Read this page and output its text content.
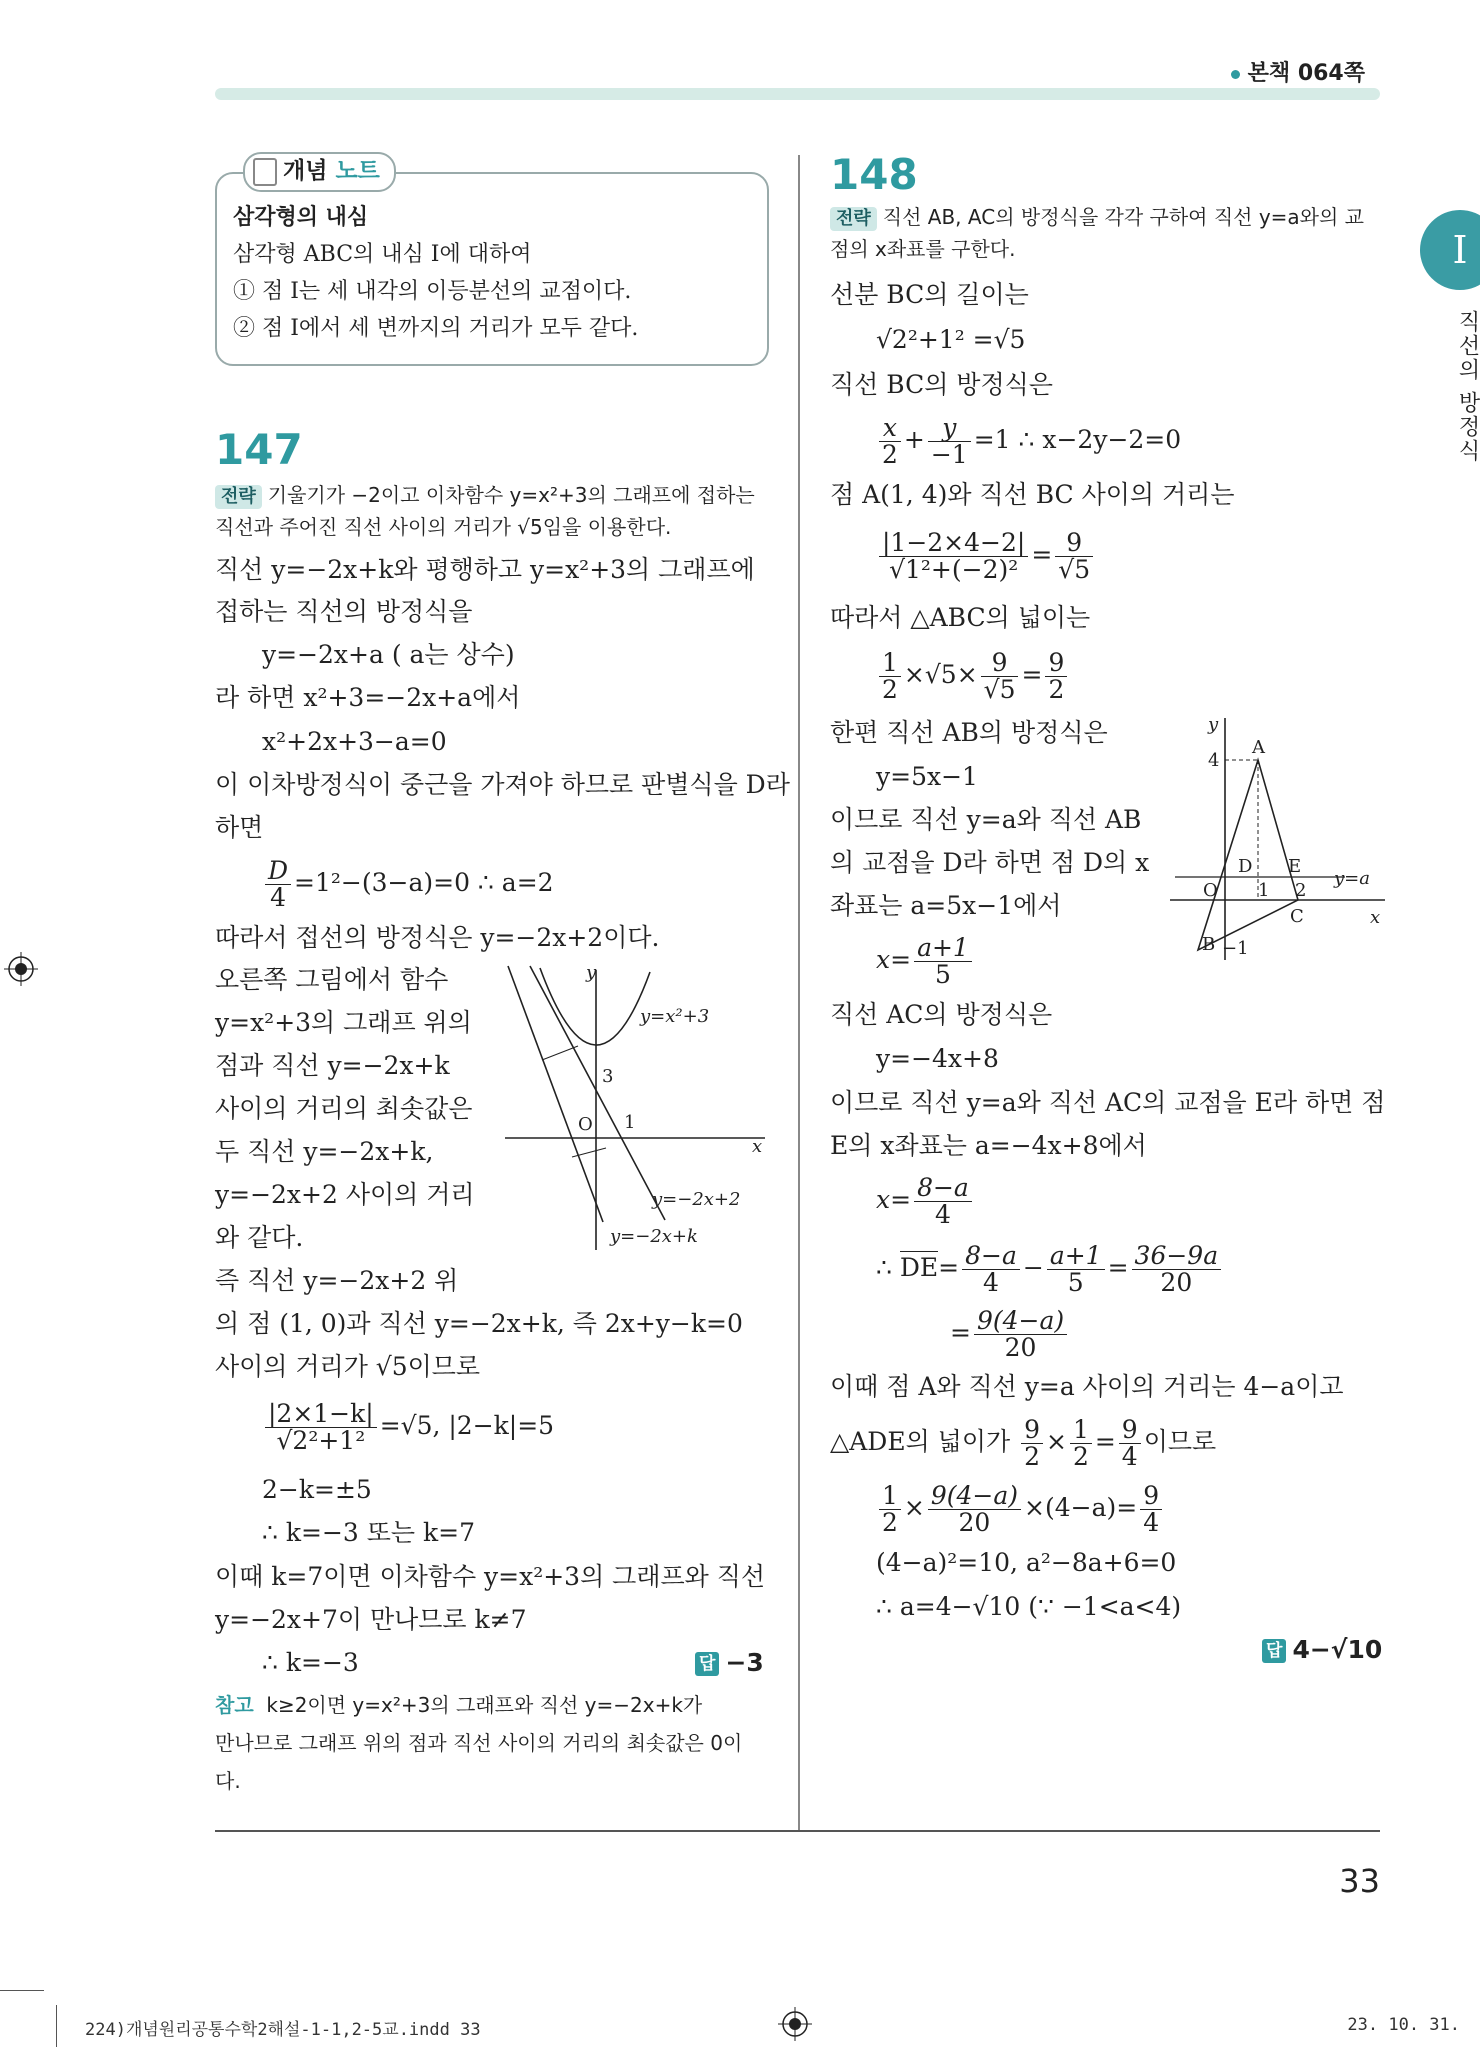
본책 064쪽
Ⅰ
직선의 방정식
개념 노트
삼각형의 내심
삼각형 ABC의 내심 I에 대하여
① 점 I는 세 내각의 이등분선의 교점이다.
② 점 I에서 세 변까지의 거리가 모두 같다.
147
전략 기울기가 −2이고 이차함수 y=x²+3의 그래프에 접하는
직선과 주어진 직선 사이의 거리가 √5임을 이용한다.
직선 y=−2x+k와 평행하고 y=x²+3의 그래프에
접하는 직선의 방정식을
y=−2x+a ( a는 상수)
라 하면 x²+3=−2x+a에서
x²+2x+3−a=0
이 이차방정식이 중근을 가져야 하므로 판별식을 D라
하면
$\frac{D}{4} =1^2-(3-a)=0$ ∴ a=2
따라서 접선의 방정식은 y=−2x+2이다.
오른쪽 그림에서 함수
y=x²+3의 그래프 위의
점과 직선 y=−2x+k
사이의 거리의 최솟값은
두 직선 y=−2x+k,
y=−2x+2 사이의 거리
와 같다.
즉 직선 y=−2x+2 위
의 점 (1, 0)과 직선 y=−2x+k, 즉 2x+y−k=0
사이의 거리가 √5이므로
$\frac{|2\times 1-k|}{\text{√2²+1²}} =√5$, |2−k|=5
2−k=±5
∴ k=−3 또는 k=7
이때 k=7이면 이차함수 y=x²+3의 그래프와 직선
y=−2x+7이 만나므로 k≠7
∴ k=−3	답 −3
참고 k≥2이면 y=x²+3의 그래프와 직선 y=−2x+k가
만나므로 그래프 위의 점과 직선 사이의 거리의 최솟값은 0이
다.
y
x
O 1
3
y=x²+3
y=−2x+2
y=−2x+k
148
전략 직선 AB, AC의 방정식을 각각 구하여 직선 y=a와의 교
점의 x좌표를 구한다.
선분 BC의 길이는
√2²+1² =√5
직선 BC의 방정식은
$\frac{x}{2} + \frac{y}{-1} =1$ ∴ x−2y−2=0
점 A(1, 4)와 직선 BC 사이의 거리는
$\frac{|1-2\times 4-2|}{\text{√1²+(−2)²}} = \frac{9}{√5}$
따라서 △ABC의 넓이는
$\frac{1}{2} \times√5\times \frac{9}{√5} = \frac{9}{2}$
한편 직선 AB의 방정식은
y=5x−1
이므로 직선 y=a와 직선 AB
의 교점을 D라 하면 점 D의 x
좌표는 a=5x−1에서
$x= \frac{a+1}{5}$
직선 AC의 방정식은
y=−4x+8
이므로 직선 y=a와 직선 AC의 교점을 E라 하면 점
E의 x좌표는 a=−4x+8에서
$x= \frac{8-a}{4}$
∴ $DE= \frac{8-a}{4} - \frac{a+1}{5} = \frac{36-9a}{20}$
= $\frac{9(4-a)}{20}$
이때 점 A와 직선 y=a 사이의 거리는 4−a이고
△ADE의 넓이가 $\frac{9}{2} \times \frac{1}{2} = \frac{9}{4}$ 이므로
$\frac{1}{2} \times \frac{9(4-a)}{20} \times(4-a)= \frac{9}{4}$
(4−a)²=10, a²−8a+6=0
∴ a=4−√10 (∵ −1<a<4)
답 4−√10
y
x
4
A
D E
y=a
O 1 2
C
B −1
33
224)개념원리공통수학2해설-1-1,2-5교.indd 33	23. 10. 31.
